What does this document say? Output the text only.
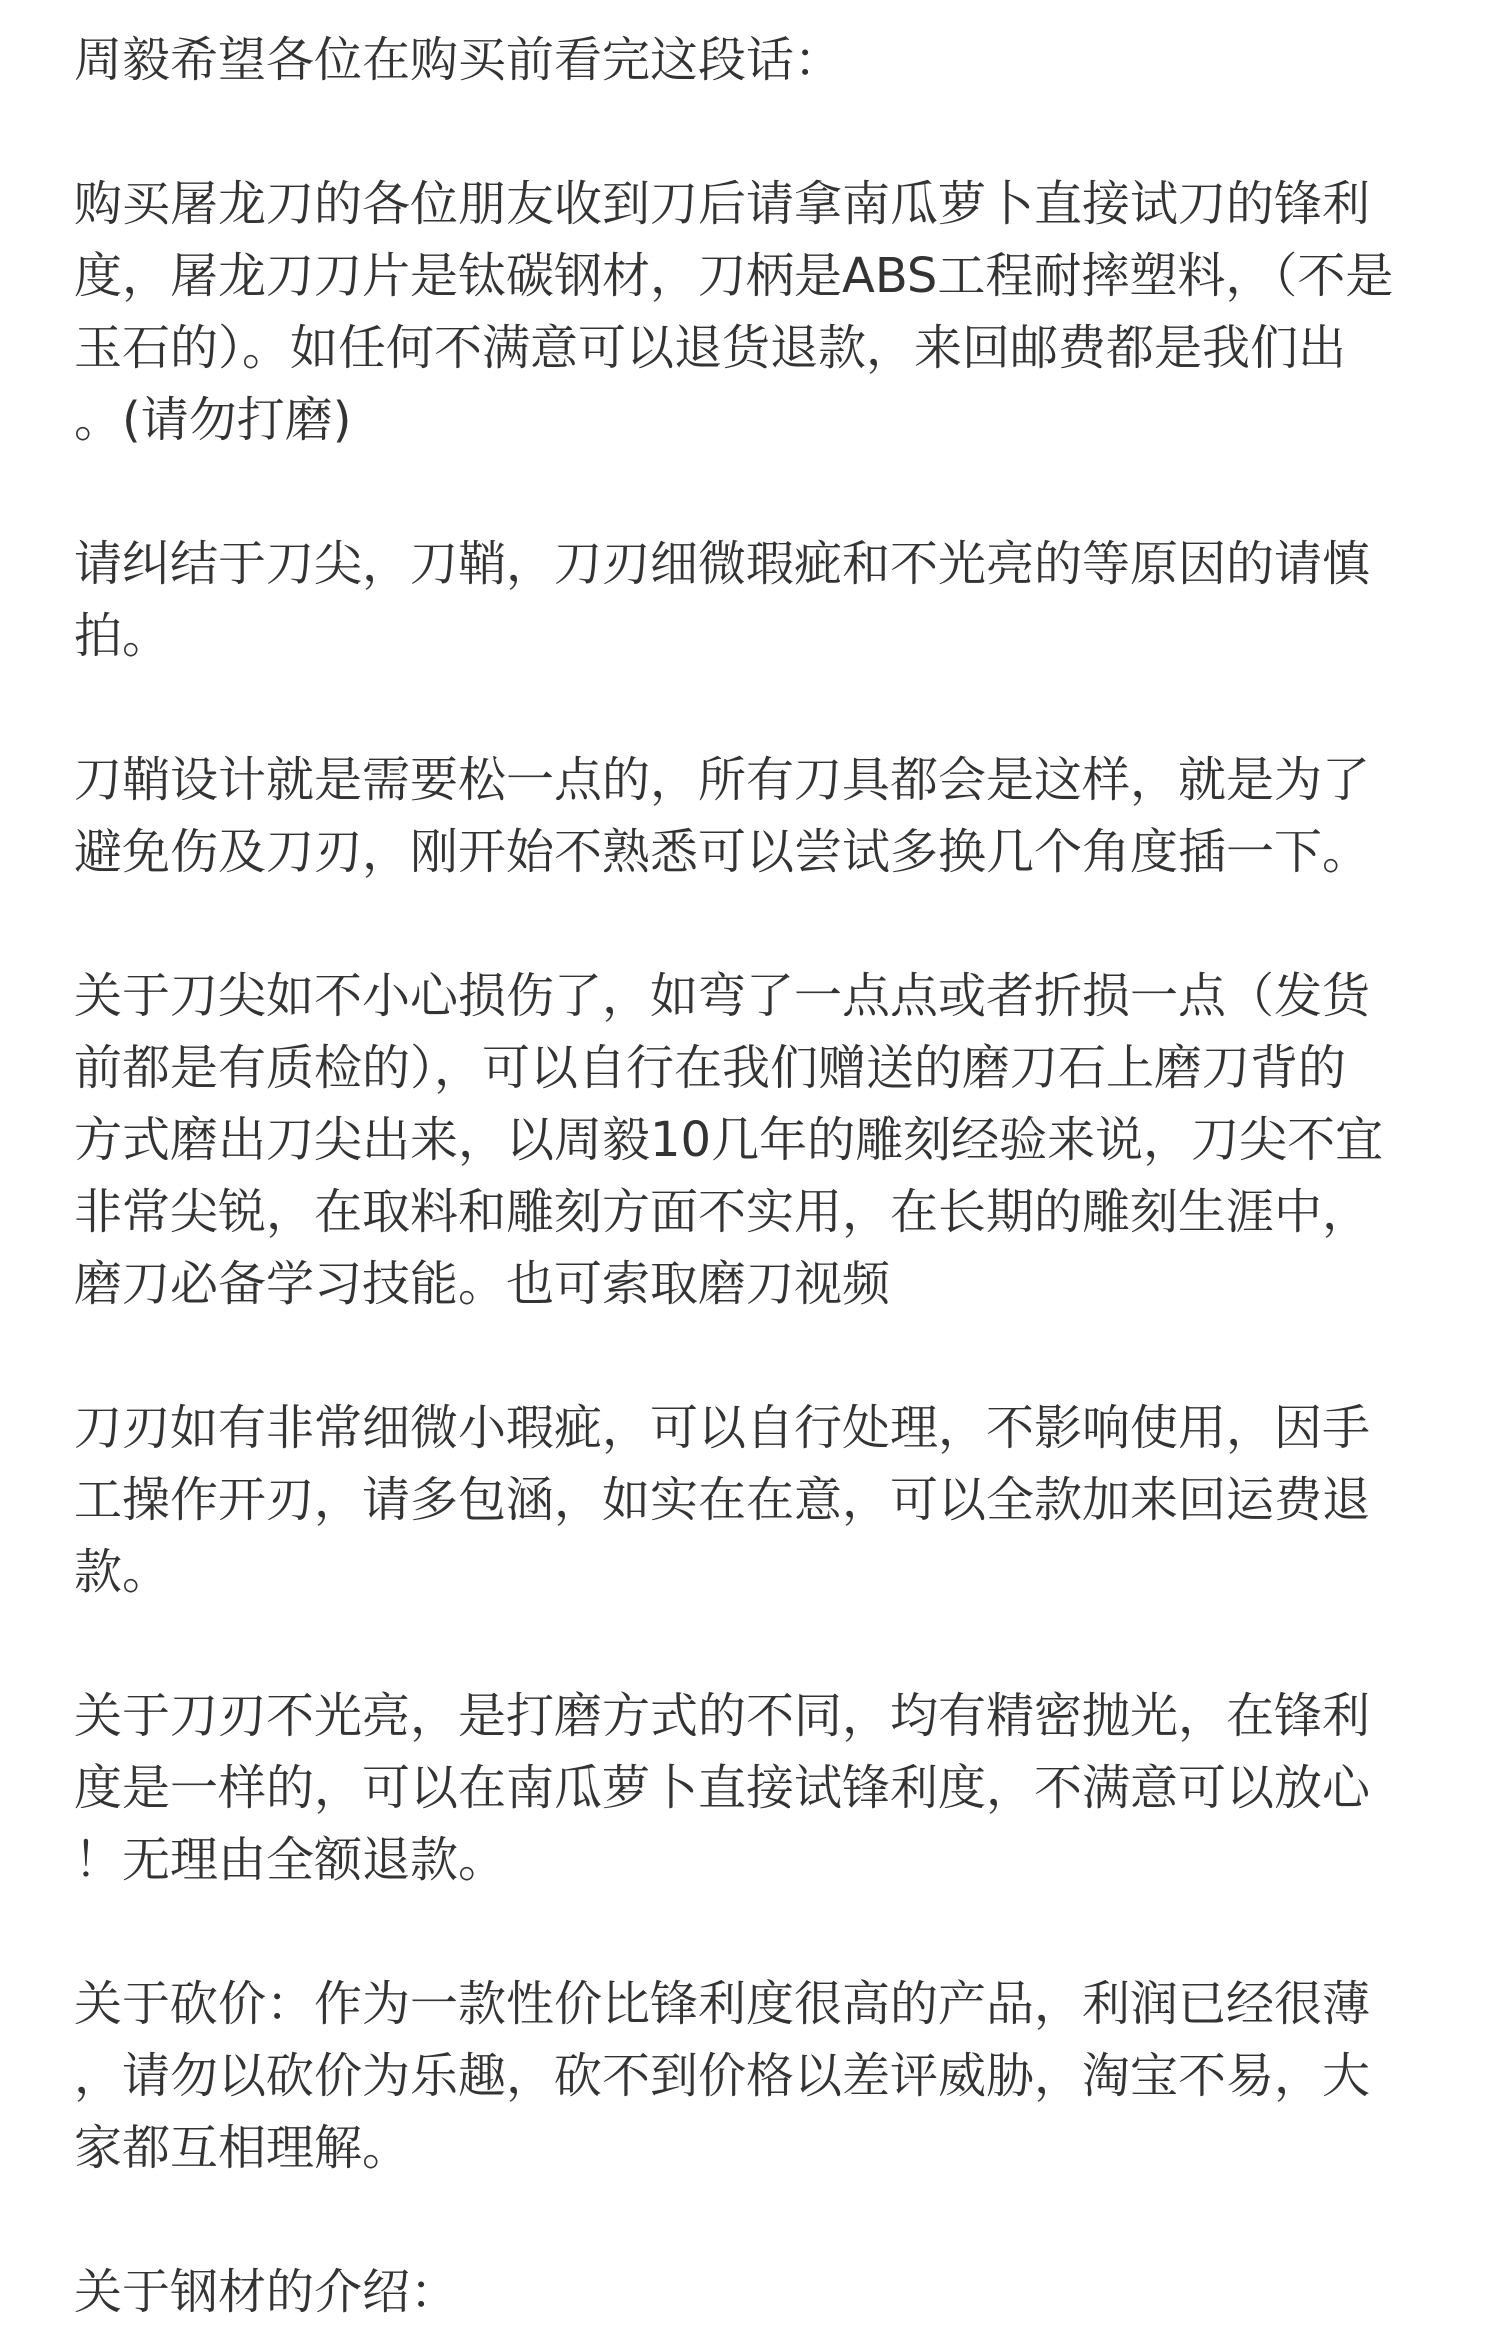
周毅希望各位在购买前看完这段话：
购买屠龙刀的各位朋友收到刀后请拿南瓜萝卜直接试刀的锋利
度，屠龙刀刀片是钛碳钢材，刀柄是ABS工程耐摔塑料，（不是
玉石的）。如任何不满意可以退货退款，来回邮费都是我们出
。(请勿打磨)
请纠结于刀尖，刀鞘，刀刃细微瑕疵和不光亮的等原因的请慎
拍。
刀鞘设计就是需要松一点的，所有刀具都会是这样，就是为了
避免伤及刀刃，刚开始不熟悉可以尝试多换几个角度插一下。
关于刀尖如不小心损伤了，如弯了一点点或者折损一点（发货
前都是有质检的），可以自行在我们赠送的磨刀石上磨刀背的
方式磨出刀尖出来，以周毅10几年的雕刻经验来说，刀尖不宜
非常尖锐，在取料和雕刻方面不实用，在长期的雕刻生涯中，
磨刀必备学习技能。也可索取磨刀视频
刀刃如有非常细微小瑕疵，可以自行处理，不影响使用，因手
工操作开刃，请多包涵，如实在在意，可以全款加来回运费退
款。
关于刀刃不光亮，是打磨方式的不同，均有精密抛光，在锋利
度是一样的，可以在南瓜萝卜直接试锋利度，不满意可以放心
！无理由全额退款。
关于砍价：作为一款性价比锋利度很高的产品，利润已经很薄
，请勿以砍价为乐趣，砍不到价格以差评威胁，淘宝不易，大
家都互相理解。
关于钢材的介绍：
